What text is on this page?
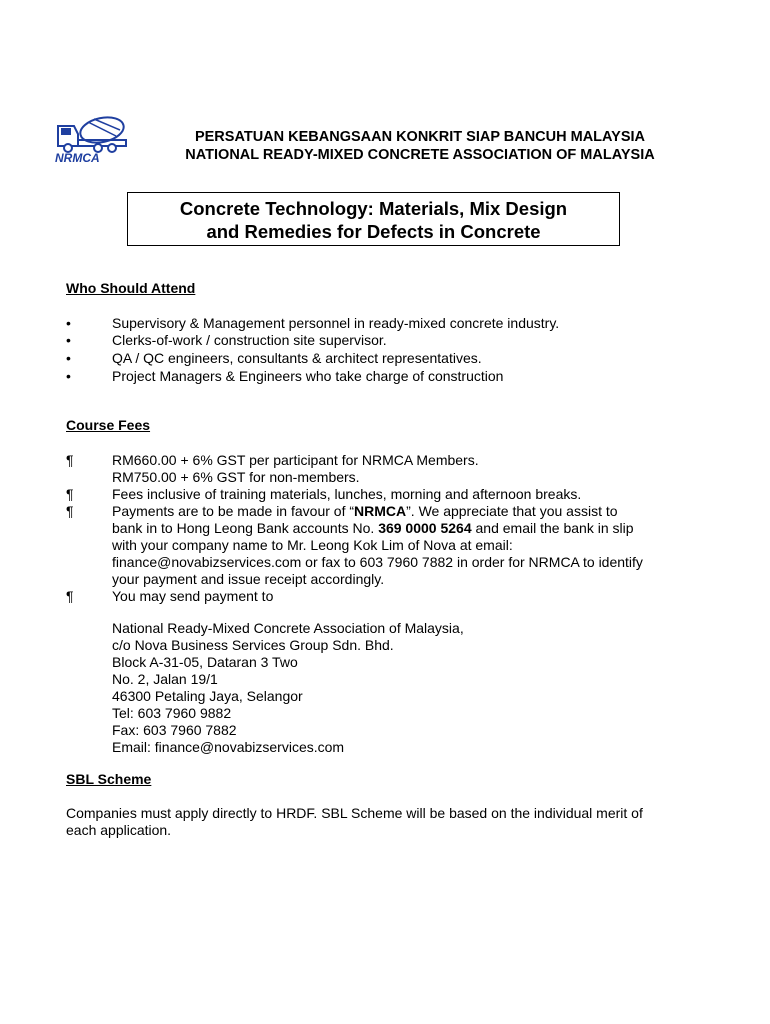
NRMCA
PERSATUAN KEBANGSAAN KONKRIT SIAP BANCUH MALAYSIA
NATIONAL READY-MIXED CONCRETE ASSOCIATION OF MALAYSIA
Concrete Technology: Materials, Mix Design
and Remedies for Defects in Concrete
Who Should Attend
•	Supervisory & Management personnel in ready-mixed concrete industry.
•	Clerks-of-work / construction site supervisor.
•	QA / QC engineers, consultants & architect representatives.
•	Project Managers & Engineers who take charge of construction
Course Fees
¶	RM660.00 + 6% GST per participant for NRMCA Members.
RM750.00 + 6% GST for non-members.
¶	Fees inclusive of training materials, lunches, morning and afternoon breaks.
¶	Payments are to be made in favour of “NRMCA”. We appreciate that you assist to
bank in to Hong Leong Bank accounts No. 369 0000 5264 and email the bank in slip
with your company name to Mr. Leong Kok Lim of Nova at email:
finance@novabizservices.com or fax to 603 7960 7882 in order for NRMCA to identify
your payment and issue receipt accordingly.
¶	You may send payment to
National Ready-Mixed Concrete Association of Malaysia,
c/o Nova Business Services Group Sdn. Bhd.
Block A-31-05, Dataran 3 Two
No. 2, Jalan 19/1
46300 Petaling Jaya, Selangor
Tel: 603 7960 9882
Fax: 603 7960 7882
Email: finance@novabizservices.com
SBL Scheme
Companies must apply directly to HRDF. SBL Scheme will be based on the individual merit of
each application.
